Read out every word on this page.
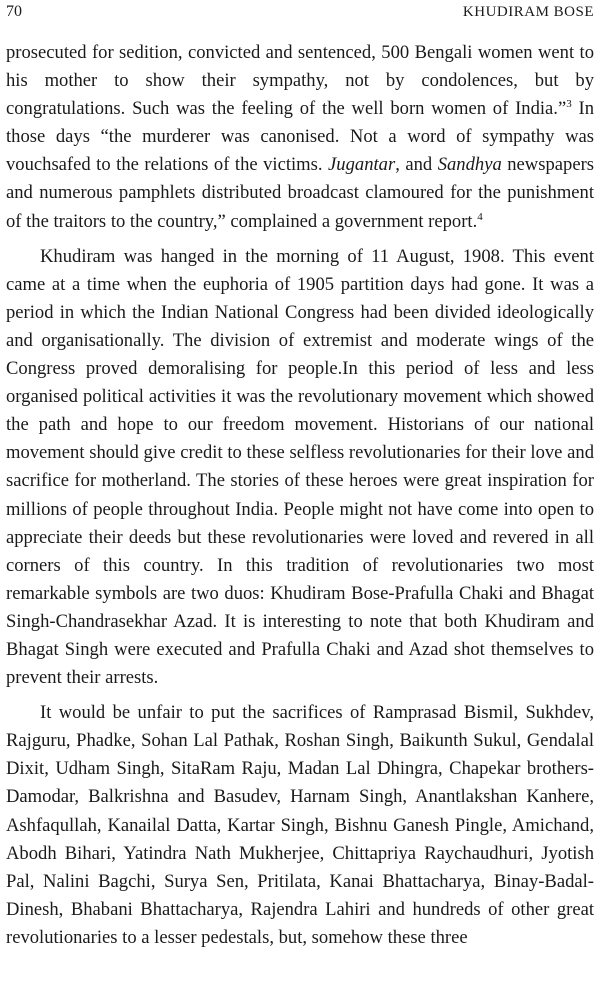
70	KHUDIRAM BOSE

prosecuted for sedition, convicted and sentenced, 500 Bengali women went to his mother to show their sympathy, not by condolences, but by congratulations. Such was the feeling of the well born women of India.”$^3$ In those days “the murderer was canonised. Not a word of sympathy was vouchsafed to the relations of the victims. Jugantar, and Sandhya newspapers and numerous pamphlets distributed broadcast clamoured for the punishment of the traitors to the country,” complained a government report.$^4$

Khudiram was hanged in the morning of 11 August, 1908. This event came at a time when the euphoria of 1905 partition days had gone. It was a period in which the Indian National Congress had been divided ideologically and organisationally. The division of extremist and moderate wings of the Congress proved demoralising for people.In this period of less and less organised political activities it was the revolutionary movement which showed the path and hope to our freedom movement. Historians of our national movement should give credit to these selfless revolutionaries for their love and sacrifice for motherland. The stories of these heroes were great inspiration for millions of people throughout India. People might not have come into open to appreciate their deeds but these revolutionaries were loved and revered in all corners of this country. In this tradition of revolutionaries two most remarkable symbols are two duos: Khudiram Bose-Prafulla Chaki and Bhagat Singh-Chandrasekhar Azad. It is interesting to note that both Khudiram and Bhagat Singh were executed and Prafulla Chaki and Azad shot themselves to prevent their arrests.

It would be unfair to put the sacrifices of Ramprasad Bismil, Sukhdev, Rajguru, Phadke, Sohan Lal Pathak, Roshan Singh, Baikunth Sukul, Gendalal Dixit, Udham Singh, SitaRam Raju, Madan Lal Dhingra, Chapekar brothers- Damodar, Balkrishna and Basudev, Harnam Singh, Anantlakshan Kanhere, Ashfaqullah, Kanailal Datta, Kartar Singh, Bishnu Ganesh Pingle, Amichand, Abodh Bihari, Yatindra Nath Mukherjee, Chittapriya Raychaudhuri, Jyotish Pal, Nalini Bagchi, Surya Sen, Pritilata, Kanai Bhattacharya, Binay-Badal-Dinesh, Bhabani Bhattacharya, Rajendra Lahiri and hundreds of other great revolutionaries to a lesser pedestals, but, somehow these three
